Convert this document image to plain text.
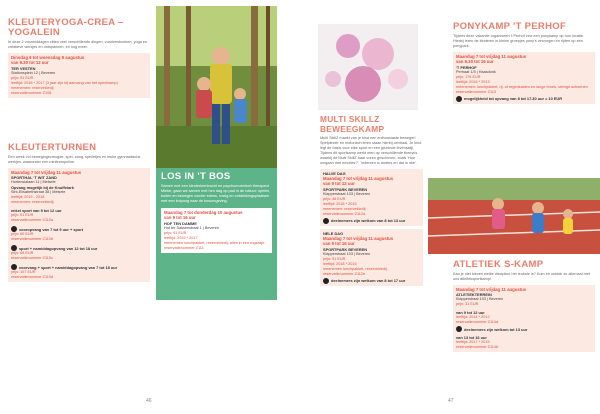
KLEUTERYOGA-CREA – YOGALEIN
In deze 2 voormiddagen zitten veel verschillende dingen, voorleesboeken, yoga en creatieve werkjes en ontspannen, en nog meer.
Dinsdag 6 tot woensdag 9 augustus
van 9.30 tot 12 uur
TER VESTEN
Stationsplein 12 | Beveren
prijs: 51 EUR
leeftijd: 2018 * 2017 (3 jaar zijn bij aanvang van het speelkamp)
meenemen: reservekledij
reservatienummer Z108
KLEUTERTURNEN
Een week vol bewegingsvreugde, spel, zang, spelletjes en leuke gymnastische werkjes, waaronder een minitrampoline.
Maandag 7 tot vrijdag 11 augustus
SPORTHAL 'T WIT ZAND
Hortensialaan 11 | Melsele
Opvang mogelijk bij de Knuffelark
Sint-Elisabethstraat 38 | Melsele
leeftijd: 2019 - 2018
meenemen: reservekledij
enkel sport van 9 tot 12 uur
prijs: 51 EUR
reservatienummer Z110a
vooropvang van 7 tot 9 uur + sport
prijs: 60 EUR
reservatienummer Z110b
sport + namiddagopvang van 12 tot 18 uur
prijs: 69 EUR
reservatienummer Z110c
voorvang + sport + namiddagopvang van 7 tot 18 uur
prijs: 107 EUR
reservatienummer Z110d
LOS IN 'T BOS
Samen met een kleuterleerkracht en psychomotorisch therapeut Mieke, gaan we samen met hen dag op pad in de natuur: spelen, buiten en bewegen zonder stress, rustig en ontdekkingsplaatsen met een knipoog naar de bosomgeving.
Maandag 7 tot donderdag 10 augustus
van 9 tot 16 uur
HOF TEN DAMME
Hof ter Saksenstraat 1 | Beveren
prijs: 91 EUR
leeftijd: 2019 * 2017
meenemen lunchpakket, reservekledij, alles in een rugzakje
reservatienummer Z111
46
MULTI SKILLZ BEWEEGKAMP
Multi SkillZ maakt van je kind een enthousiaste beweger! Spelplezier en motorisch leren staan hierbij centraal. Je kind legt de basis voor elke sport en een gezonde levensstijl. Tijdens dit sportkamp werkt men op verschillende thema's waarbij de Multi SkillZ naar voren geschoven, zoals 'Hoe omgaan met emoties?', 'iedereen is anders en dat is oké'.
HALVE DAG
Maandag 7 tot vrijdag 11 augustus
van 9 tot 12 uur
SPORTPARK BEVEREN
Klapperstraat 103 | Beveren
prijs: 48 EUR
leeftijd: 2018 * 2015
meenemen: reservekledij
reservatienummer Z112a
deelnemers zijn welkom van 8 tot 13 uur
NELE DAG
Maandag 7 tot vrijdag 11 augustus
van 9 tot 16 uur
SPORTPARK BEVEREN
Klapperstraat 103 | Beveren
prijs: 91 EUR
leeftijd: 2018 * 2015
meenemen lunchpakket, reservekledij
reservatienummer Z112b
deelnemers zijn welkom van 8 tot 17 uur
PONYKAMP 'T PERHOF
Tijdens deze vakantie organiseert 't Perhof vzw een ponykamp op hun locatie. Hierbij leren de kinderen in kleine groepjes pony's verzorgen en rijden op een ponypark.
Maandag 7 tot vrijdag 11 augustus
van 9.30 tot 16 uur
'T PERHOF
Perhaat 1/3 | Haasdonk
prijs: 176 EUR
leeftijd: 2018 * 2013
meenemen: lunchpakket, rij- of regenkasten en lange broek, stevige schoenen
reservatienummer Z113
mogelijkheid tot opvang van 8 tot 17.30 uur = 10 EUR
ATLETIEK S-KAMP
Kan je niet kiezen welke discipline het leukste is? Kom en ontdek ze allemaal met ons atletieksportkamp!
Maandag 7 tot vrijdag 11 augustus
ATLETIEKTERREIN
Klapperstraat 103 | Beveren
prijs: 31 EUR
van 9 tot 12 uur
leeftijd: 2014 * 2012
reservatienummer Z114a
deelnemers zijn welkom tot 13 uur
van 13 tot 16 uur
leeftijd: 2017 * 2015
reservatienummer Z114b
47
